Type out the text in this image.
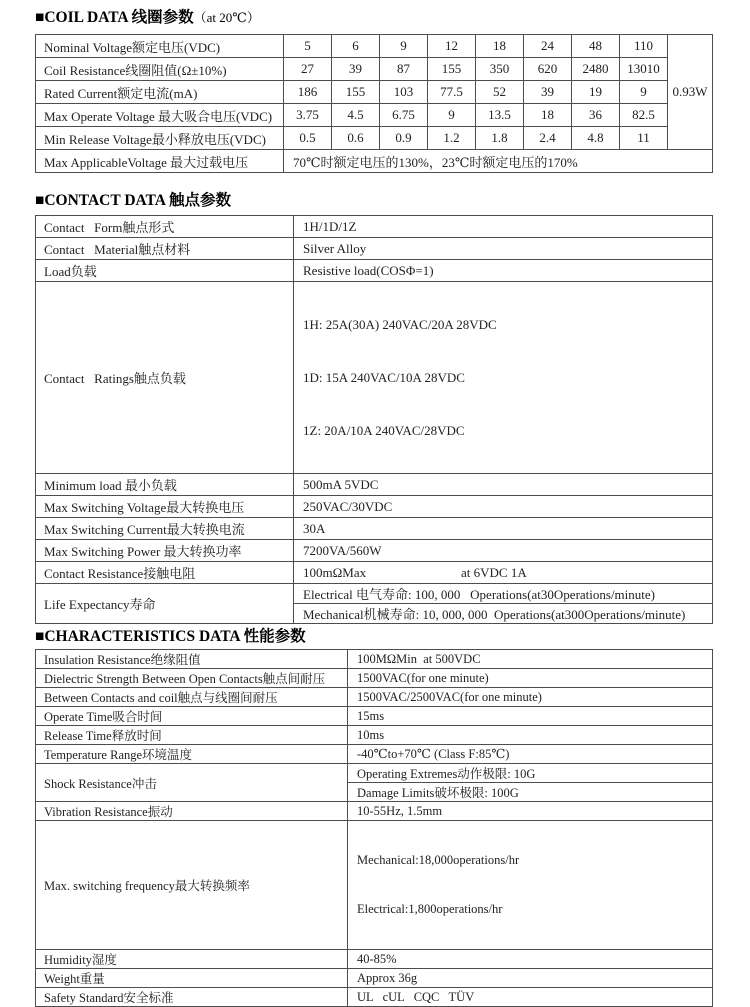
■COIL DATA 线圈参数（at 20℃）
Nominal Voltage额定电压(VDC)	5	6	9	12	18	24	48	110	0.93W
Coil Resistance线圈阻值(Ω±10%)	27	39	87	155	350	620	2480	13010	
Rated Current额定电流(mA)	186	155	103	77.5	52	39	19	9	
Max Operate Voltage 最大吸合电压(VDC)	3.75	4.5	6.75	9	13.5	18	36	82.5	
Min Release Voltage最小释放电压(VDC)	0.5	0.6	0.9	1.2	1.8	2.4	4.8	11	
Max ApplicableVoltage 最大过载电压	70℃时额定电压的130%，23℃时额定电压的170%								
■CONTACT DATA 触点参数
Contact   Form触点形式	1H/1D/1Z
Contact   Material触点材料	Silver Alloy
Load负载	Resistive load(COSΦ=1)
Contact   Ratings触点负载	1H: 25A(30A) 240VAC/20A 28VDC

1D: 15A 240VAC/10A 28VDC

1Z: 20A/10A 240VAC/28VDC

Minimum load 最小负载	500mA 5VDC
Max Switching Voltage最大转换电压	250VAC/30VDC
Max Switching Current最大转换电流	30A
Max Switching Power 最大转换功率	7200VA/560W
Contact Resistance接触电阻	100mΩMax at 6VDC 1A
Life Expectancy寿命	Electrical 电气寿命: 100, 000   Operations(at30Operations/minute)
	Mechanical机械寿命: 10, 000, 000  Operations(at300Operations/minute)
■CHARACTERISTICS DATA 性能参数
Insulation Resistance绝缘阻值	100MΩMin  at 500VDC
Dielectric Strength Between Open Contacts触点间耐压	1500VAC(for one minute)
Between Contacts and coil触点与线圈间耐压	1500VAC/2500VAC(for one minute)
Operate Time吸合时间	15ms
Release Time释放时间	10ms
Temperature Range环境温度	-40℃to+70℃ (Class F:85℃)
Shock Resistance冲击	Operating Extremes动作极限: 10G
	Damage Limits破坏极限: 100G
Vibration Resistance振动	10-55Hz, 1.5mm
Max. switching frequency最大转换频率	Mechanical:18,000operations/hr

Electrical:1,800operations/hr

Humidity湿度	40-85%
Weight重量	Approx 36g
Safety Standard安全标准	UL   cUL   CQC   TÜV
